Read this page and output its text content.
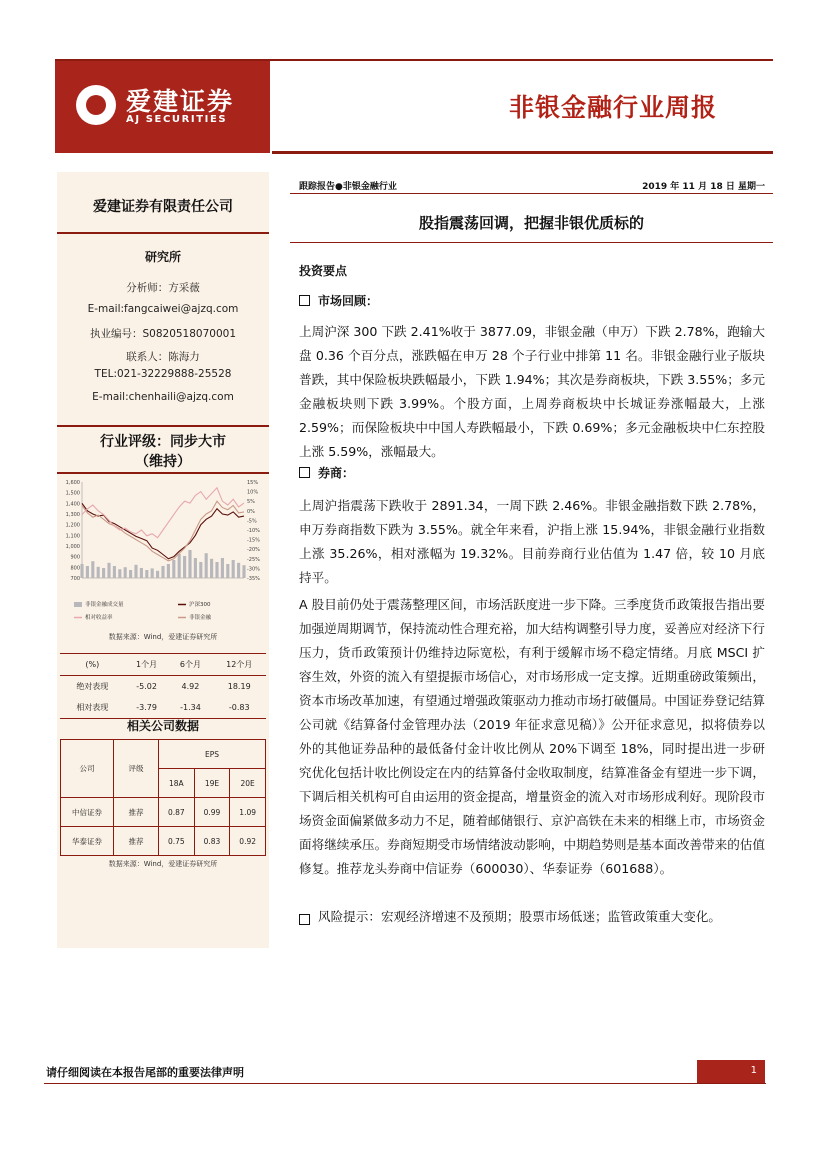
爱建证券
AJ SECURITIES	非银金融行业周报
爱建证券有限责任公司
研究所
分析师：方采薇
E-mail:fangcaiwei@ajzq.com
执业编号：S0820518070001
联系人：陈海力
TEL:021-32229888-25528
E-mail:chenhaili@ajzq.com
行业评级：同步大市
（维持）
1,600
1,500
1,400
1,300
1,200
1,100
1,000
900
800
700
15%
10%
5%
0%
-5%
-10%
-15%
-20%
-25%
-30%
-35%
非银金融成交量	沪深300
相对收益率	非银金融
数据来源：Wind，爱建证券研究所
(%)	1个月	6个月	12个月
绝对表现	-5.02	4.92	18.19
相对表现	-3.79	-1.34	-0.83
相关公司数据
公司	评级	EPS		
		18A	19E	20E
中信证券	推荐	0.87	0.99	1.09
华泰证券	推荐	0.75	0.83	0.92
数据来源：Wind，爱建证券研究所
跟踪报告●非银金融行业	2019 年 11 月 18 日 星期一
股指震荡回调，把握非银优质标的
投资要点
市场回顾：
上周沪深 300 下跌 2.41%收于 3877.09，非银金融（申万）下跌 2.78%，跑输大盘 0.36 个百分点，涨跌幅在申万 28 个子行业中排第 11 名。非银金融行业子版块普跌，其中保险板块跌幅最小，下跌 1.94%；其次是券商板块，下跌 3.55%；多元金融板块则下跌 3.99%。个股方面，上周券商板块中长城证券涨幅最大，上涨 2.59%；而保险板块中中国人寿跌幅最小，下跌 0.69%；多元金融板块中仁东控股上涨 5.59%，涨幅最大。
券商：
上周沪指震荡下跌收于 2891.34，一周下跌 2.46%。非银金融指数下跌 2.78%，申万券商指数下跌为 3.55%。就全年来看，沪指上涨 15.94%，非银金融行业指数上涨 35.26%，相对涨幅为 19.32%。目前券商行业估值为 1.47 倍，较 10 月底持平。
A 股目前仍处于震荡整理区间，市场活跃度进一步下降。三季度货币政策报告指出要加强逆周期调节，保持流动性合理充裕，加大结构调整引导力度，妥善应对经济下行压力，货币政策预计仍维持边际宽松，有利于缓解市场不稳定情绪。月底 MSCI 扩容生效，外资的流入有望提振市场信心，对市场形成一定支撑。近期重磅政策频出，资本市场改革加速，有望通过增强政策驱动力推动市场打破僵局。中国证券登记结算公司就《结算备付金管理办法（2019 年征求意见稿）》公开征求意见，拟将债券以外的其他证券品种的最低备付金计收比例从 20%下调至 18%，同时提出进一步研究优化包括计收比例设定在内的结算备付金收取制度，结算准备金有望进一步下调，下调后相关机构可自由运用的资金提高，增量资金的流入对市场形成利好。现阶段市场资金面偏紧做多动力不足，随着邮储银行、京沪高铁在未来的相继上市，市场资金面将继续承压。券商短期受市场情绪波动影响，中期趋势则是基本面改善带来的估值修复。推荐龙头券商中信证券（600030）、华泰证券（601688）。
风险提示：宏观经济增速不及预期；股票市场低迷；监管政策重大变化。
请仔细阅读在本报告尾部的重要法律声明	1
